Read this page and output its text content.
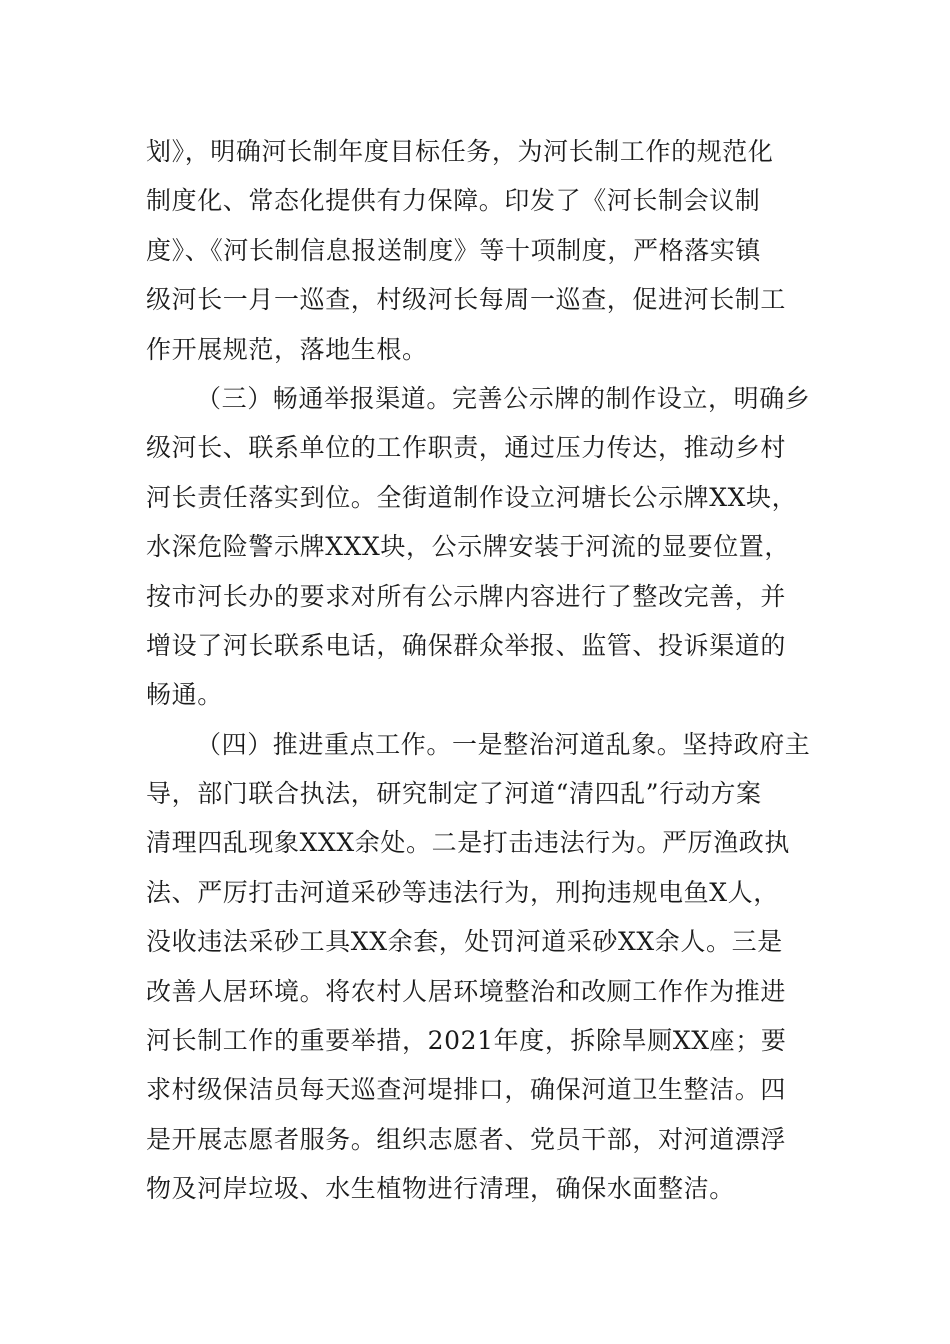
划》，明确河长制年度目标任务，为河长制工作的规范化
制度化、常态化提供有力保障。印发了《河长制会议制
度》、《河长制信息报送制度》等十项制度，严格落实镇
级河长一月一巡查，村级河长每周一巡查，促进河长制工
作开展规范，落地生根。
（三）畅通举报渠道。完善公示牌的制作设立，明确乡
级河长、联系单位的工作职责，通过压力传达，推动乡村
河长责任落实到位。全街道制作设立河塘长公示牌XX块，
水深危险警示牌XXX块，公示牌安装于河流的显要位置，
按市河长办的要求对所有公示牌内容进行了整改完善，并
增设了河长联系电话，确保群众举报、监管、投诉渠道的
畅通。
（四）推进重点工作。一是整治河道乱象。坚持政府主
导，部门联合执法，研究制定了河道“清四乱”行动方案
清理四乱现象XXX余处。二是打击违法行为。严厉渔政执
法、严厉打击河道采砂等违法行为，刑拘违规电鱼X人，
没收违法采砂工具XX余套，处罚河道采砂XX余人。三是
改善人居环境。将农村人居环境整治和改厕工作作为推进
河长制工作的重要举措，2021年度，拆除旱厕XX座；要
求村级保洁员每天巡查河堤排口，确保河道卫生整洁。四
是开展志愿者服务。组织志愿者、党员干部，对河道漂浮
物及河岸垃圾、水生植物进行清理，确保水面整洁。
